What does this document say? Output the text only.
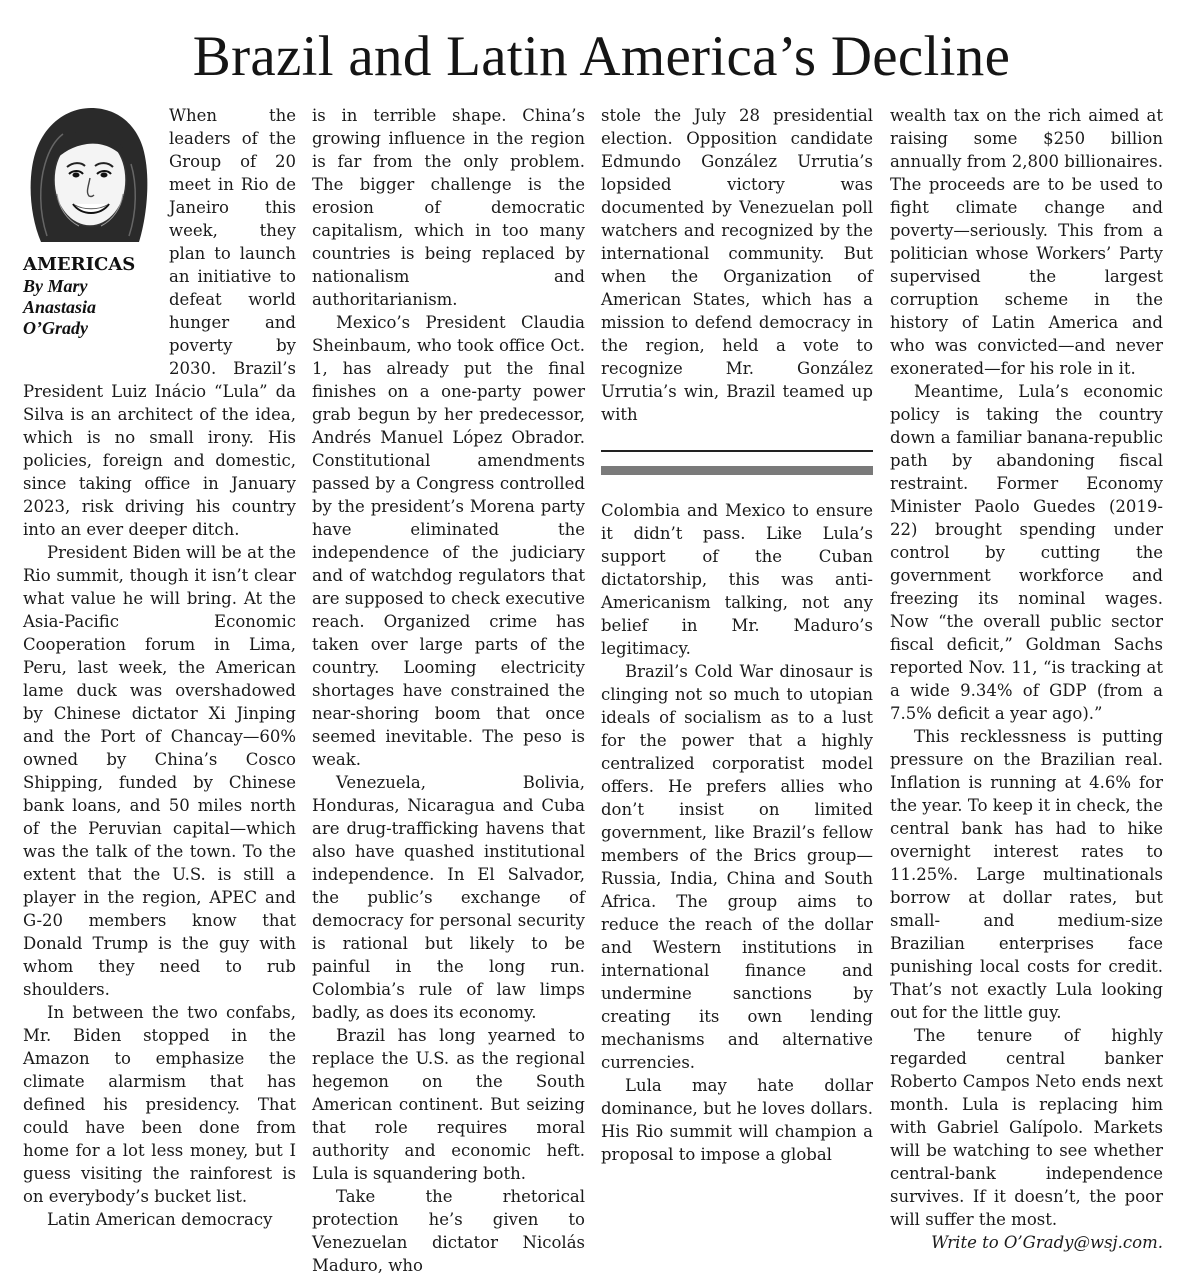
Brazil and Latin America’s Decline
AMERICAS
By Mary
Anastasia
O’Grady

When the leaders of the Group of 20 meet in Rio de Janeiro this week, they plan to launch an initiative to defeat world hunger and poverty by 2030. Brazil’s President Luiz Inácio “Lula” da Silva is an architect of the idea, which is no small irony. His policies, foreign and domestic, since taking office in January 2023, risk driving his country into an ever deeper ditch.

President Biden will be at the Rio summit, though it isn’t clear what value he will bring. At the Asia-Pacific Economic Cooperation forum in Lima, Peru, last week, the American lame duck was overshadowed by Chinese dictator Xi Jinping and the Port of Chancay—60% owned by China’s Cosco Shipping, funded by Chinese bank loans, and 50 miles north of the Peruvian capital—which was the talk of the town. To the extent that the U.S. is still a player in the region, APEC and G-20 members know that Donald Trump is the guy with whom they need to rub shoulders.

In between the two confabs, Mr. Biden stopped in the Amazon to emphasize the climate alarmism that has defined his presidency. That could have been done from home for a lot less money, but I guess visiting the rainforest is on everybody’s bucket list.

Latin American democracy

is in terrible shape. China’s growing influence in the region is far from the only problem. The bigger challenge is the erosion of democratic capitalism, which in too many countries is being replaced by nationalism and authoritarianism.

Mexico’s President Claudia Sheinbaum, who took office Oct. 1, has already put the final finishes on a one-party power grab begun by her predecessor, Andrés Manuel López Obrador. Constitutional amendments passed by a Congress controlled by the president’s Morena party have eliminated the independence of the judiciary and of watchdog regulators that are supposed to check executive reach. Organized crime has taken over large parts of the country. Looming electricity shortages have constrained the near-shoring boom that once seemed inevitable. The peso is weak.

Venezuela, Bolivia, Honduras, Nicaragua and Cuba are drug-trafficking havens that also have quashed institutional independence. In El Salvador, the public’s exchange of democracy for personal security is rational but likely to be painful in the long run. Colombia’s rule of law limps badly, as does its economy.

Brazil has long yearned to replace the U.S. as the regional hegemon on the South American continent. But seizing that role requires moral authority and economic heft. Lula is squandering both.

Take the rhetorical protection he’s given to Venezuelan dictator Nicolás Maduro, who

stole the July 28 presidential election. Opposition candidate Edmundo González Urrutia’s lopsided victory was documented by Venezuelan poll watchers and recognized by the international community. But when the Organization of American States, which has a mission to defend democracy in the region, held a vote to recognize Mr. González Urrutia’s win, Brazil teamed up with

Colombia and Mexico to ensure it didn’t pass. Like Lula’s support of the Cuban dictatorship, this was anti-Americanism talking, not any belief in Mr. Maduro’s legitimacy.

Brazil’s Cold War dinosaur is clinging not so much to utopian ideals of socialism as to a lust for the power that a highly centralized corporatist model offers. He prefers allies who don’t insist on limited government, like Brazil’s fellow members of the Brics group—Russia, India, China and South Africa. The group aims to reduce the reach of the dollar and Western institutions in international finance and undermine sanctions by creating its own lending mechanisms and alternative currencies.

Lula may hate dollar dominance, but he loves dollars. His Rio summit will champion a proposal to impose a global

wealth tax on the rich aimed at raising some $250 billion annually from 2,800 billionaires. The proceeds are to be used to fight climate change and poverty—seriously. This from a politician whose Workers’ Party supervised the largest corruption scheme in the history of Latin America and who was convicted—and never exonerated—for his role in it.

Meantime, Lula’s economic policy is taking the country down a familiar banana-republic path by abandoning fiscal restraint. Former Economy Minister Paolo Guedes (2019-22) brought spending under control by cutting the government workforce and freezing its nominal wages. Now “the overall public sector fiscal deficit,” Goldman Sachs reported Nov. 11, “is tracking at a wide 9.34% of GDP (from a 7.5% deficit a year ago).”

This recklessness is putting pressure on the Brazilian real. Inflation is running at 4.6% for the year. To keep it in check, the central bank has had to hike overnight interest rates to 11.25%. Large multinationals borrow at dollar rates, but small- and medium-size Brazilian enterprises face punishing local costs for credit. That’s not exactly Lula looking out for the little guy.

The tenure of highly regarded central banker Roberto Campos Neto ends next month. Lula is replacing him with Gabriel Galípolo. Markets will be watching to see whether central-bank independence survives. If it doesn’t, the poor will suffer the most.

Write to O’Grady@wsj.com.
